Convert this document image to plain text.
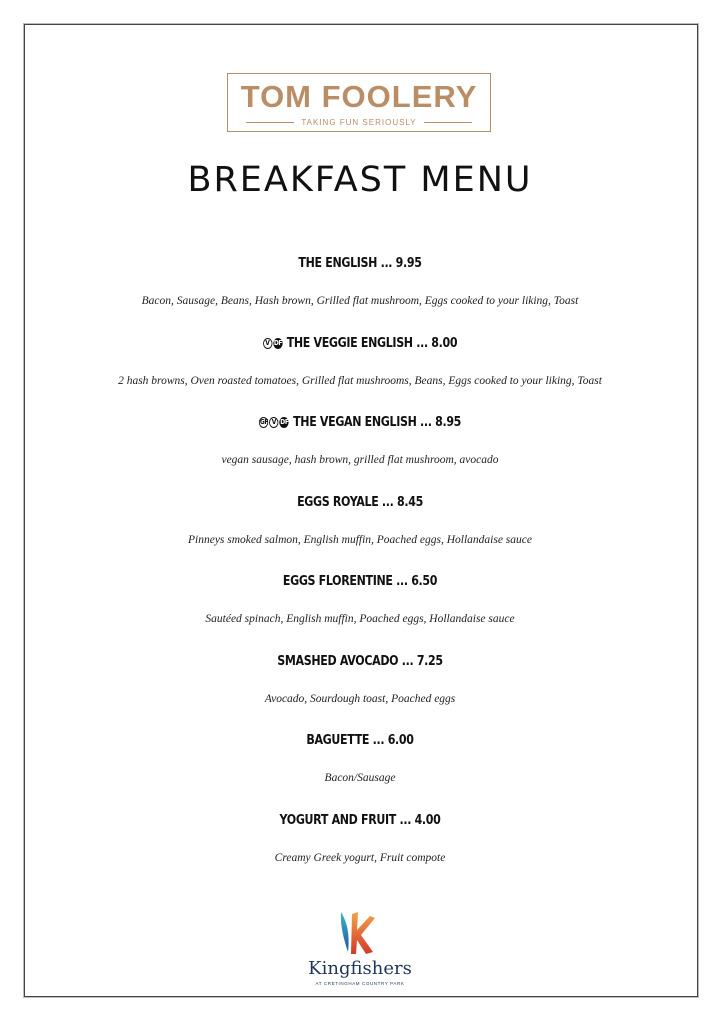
TOM FOOLERY
TAKING FUN SERIOUSLY
BREAKFAST MENU
THE ENGLISH ... 9.95
Bacon, Sausage, Beans, Hash brown, Grilled flat mushroom, Eggs cooked to your liking, Toast
V DF THE VEGGIE ENGLISH ... 8.00
2 hash browns, Oven roasted tomatoes, Grilled flat mushrooms, Beans, Eggs cooked to your liking, Toast
GF V DF THE VEGAN ENGLISH ... 8.95
vegan sausage, hash brown, grilled flat mushroom, avocado
EGGS ROYALE ... 8.45
Pinneys smoked salmon, English muffin, Poached eggs, Hollandaise sauce
EGGS FLORENTINE ... 6.50
Sautéed spinach, English muffin, Poached eggs, Hollandaise sauce
SMASHED AVOCADO ... 7.25
Avocado, Sourdough toast, Poached eggs
BAGUETTE ... 6.00
Bacon/Sausage
YOGURT AND FRUIT ... 4.00
Creamy Greek yogurt, Fruit compote
Kingfishers
AT CRETINGHAM COUNTRY PARK
